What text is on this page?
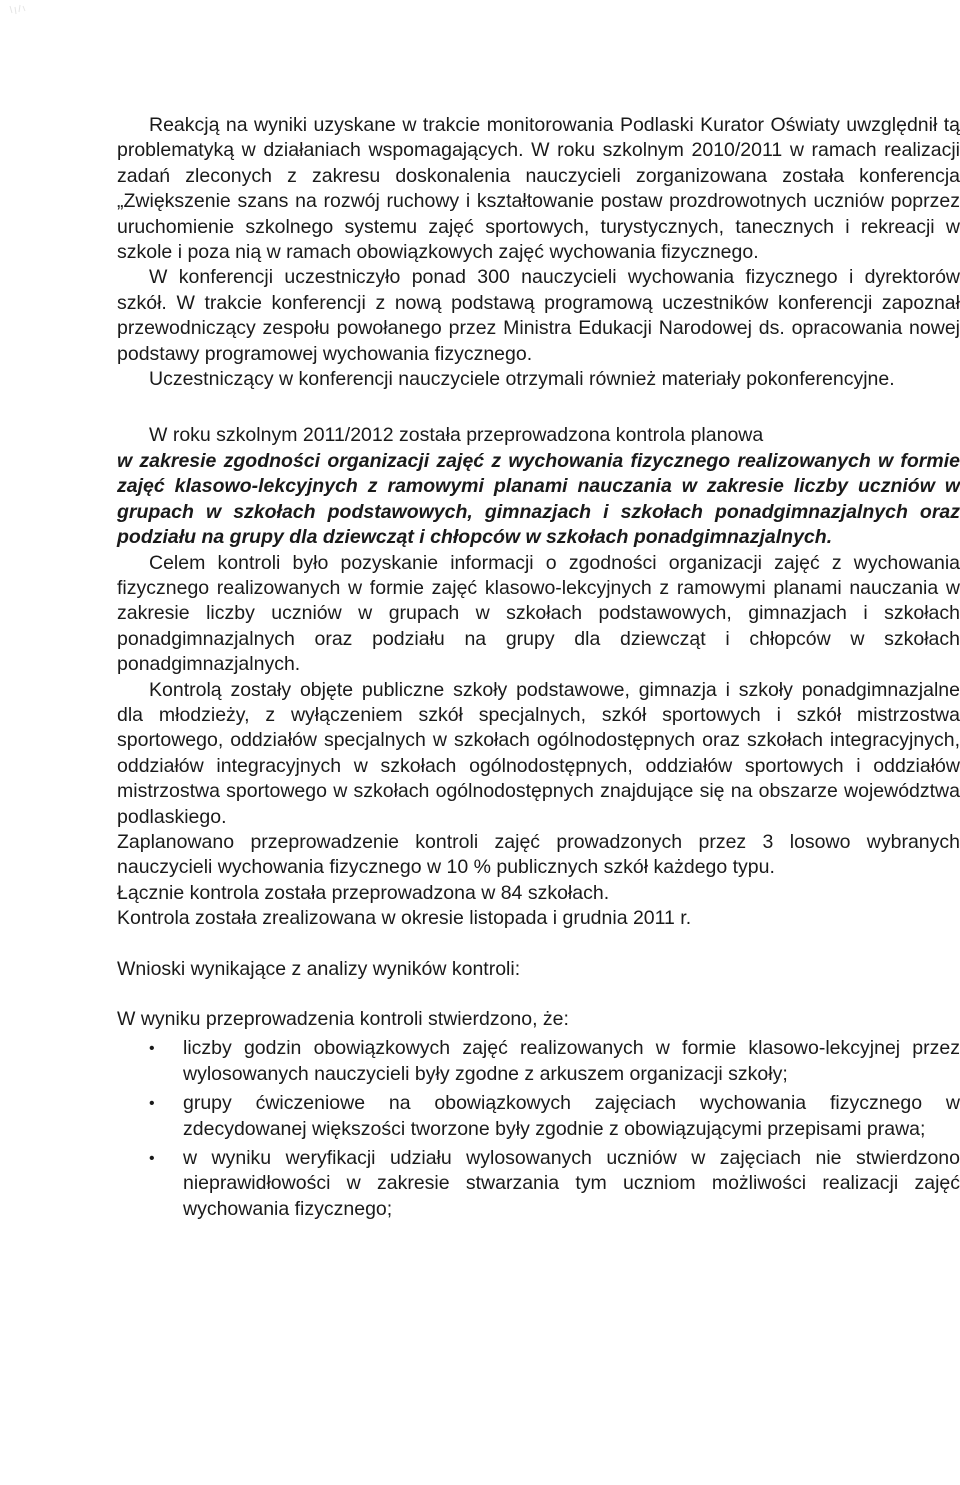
Reakcją na wyniki uzyskane w trakcie monitorowania Podlaski Kurator Oświaty uwzględnił tą problematyką w działaniach wspomagających. W roku szkolnym 2010/2011 w ramach realizacji zadań zleconych z zakresu doskonalenia nauczycieli zorganizowana została konferencja „Zwiększenie szans na rozwój ruchowy i kształtowanie postaw prozdrowotnych uczniów poprzez uruchomienie szkolnego systemu zajęć sportowych, turystycznych, tanecznych i rekreacji w szkole i poza nią w ramach obowiązkowych zajęć wychowania fizycznego.

W konferencji uczestniczyło ponad 300 nauczycieli wychowania fizycznego i dyrektorów szkół. W trakcie konferencji z nową podstawą programową uczestników konferencji zapoznał przewodniczący zespołu powołanego przez Ministra Edukacji Narodowej ds. opracowania nowej podstawy programowej wychowania fizycznego.

Uczestniczący w konferencji nauczyciele otrzymali również materiały pokonferencyjne.

W roku szkolnym 2011/2012 została przeprowadzona kontrola planowa

w zakresie zgodności organizacji zajęć z wychowania fizycznego realizowanych w formie zajęć klasowo-lekcyjnych z ramowymi planami nauczania w zakresie liczby uczniów w grupach w szkołach podstawowych, gimnazjach i szkołach ponadgimnazjalnych oraz podziału na grupy dla dziewcząt i chłopców w szkołach ponadgimnazjalnych.

Celem kontroli było pozyskanie informacji o zgodności organizacji zajęć z wychowania fizycznego realizowanych w formie zajęć klasowo-lekcyjnych z ramowymi planami nauczania w zakresie liczby uczniów w grupach w szkołach podstawowych, gimnazjach i szkołach ponadgimnazjalnych oraz podziału na grupy dla dziewcząt i chłopców w szkołach ponadgimnazjalnych.

Kontrolą zostały objęte publiczne szkoły podstawowe, gimnazja i szkoły ponadgimnazjalne dla młodzieży, z wyłączeniem szkół specjalnych, szkół sportowych i szkół mistrzostwa sportowego, oddziałów specjalnych w szkołach ogólnodostępnych oraz szkołach integracyjnych, oddziałów integracyjnych w szkołach ogólnodostępnych, oddziałów sportowych i oddziałów mistrzostwa sportowego w szkołach ogólnodostępnych znajdujące się na obszarze województwa podlaskiego.

Zaplanowano przeprowadzenie kontroli zajęć prowadzonych przez 3 losowo wybranych nauczycieli wychowania fizycznego w 10 % publicznych szkół każdego typu.

Łącznie kontrola została przeprowadzona w 84 szkołach.

Kontrola została zrealizowana w okresie listopada i grudnia 2011 r.

Wnioski wynikające z analizy wyników kontroli:

W wyniku przeprowadzenia kontroli stwierdzono, że:

• liczby godzin obowiązkowych zajęć realizowanych w formie klasowo-lekcyjnej przez wylosowanych nauczycieli były zgodne z arkuszem organizacji szkoły;
• grupy ćwiczeniowe na obowiązkowych zajęciach wychowania fizycznego w zdecydowanej większości tworzone były zgodnie z obowiązującymi przepisami prawa;
• w wyniku weryfikacji udziału wylosowanych uczniów w zajęciach nie stwierdzono nieprawidłowości w zakresie stwarzania tym uczniom możliwości realizacji zajęć wychowania fizycznego;
